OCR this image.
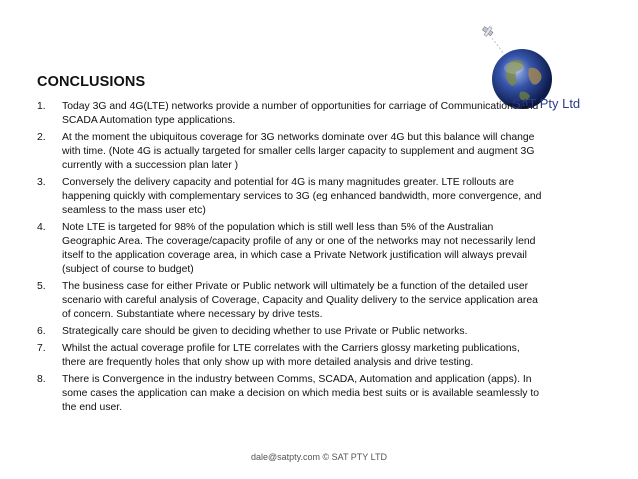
SAT Pty Ltd
CONCLUSIONS
1.	Today 3G and 4G(LTE) networks provide a number of opportunities for carriage of Communications and SCADA Automation type applications.
2.	At the moment the ubiquitous coverage for 3G networks dominate over 4G but this balance will change with time. (Note 4G is actually targeted for smaller cells larger capacity to supplement and augment 3G currently with a succession plan later )
3.	Conversely the delivery capacity and potential for 4G is many magnitudes greater. LTE rollouts are happening quickly with complementary services to 3G (eg enhanced bandwidth, more convergence, and seamless to the mass user etc)
4.	Note LTE is targeted for 98% of the population which is still well less than 5% of the Australian Geographic Area. The coverage/capacity profile of any or one of the networks may not necessarily lend itself to the application coverage area, in which case a Private Network justification will always prevail (subject of course to budget)
5.	The business case for either Private or Public network will ultimately be a function of the detailed user scenario with careful analysis of Coverage, Capacity and Quality delivery to the service application area of concern. Substantiate where necessary by drive tests.
6.	Strategically care should be given to deciding whether to use Private or Public networks.
7.	Whilst the actual coverage profile for LTE correlates with the Carriers glossy marketing publications, there are frequently holes that only show up with more detailed analysis and drive testing.
8.	There is Convergence in the industry between Comms, SCADA, Automation and application (apps). In some cases the application can make a decision on which media best suits or is available seamlessly to the end user.
dale@satpty.com © SAT PTY LTD
